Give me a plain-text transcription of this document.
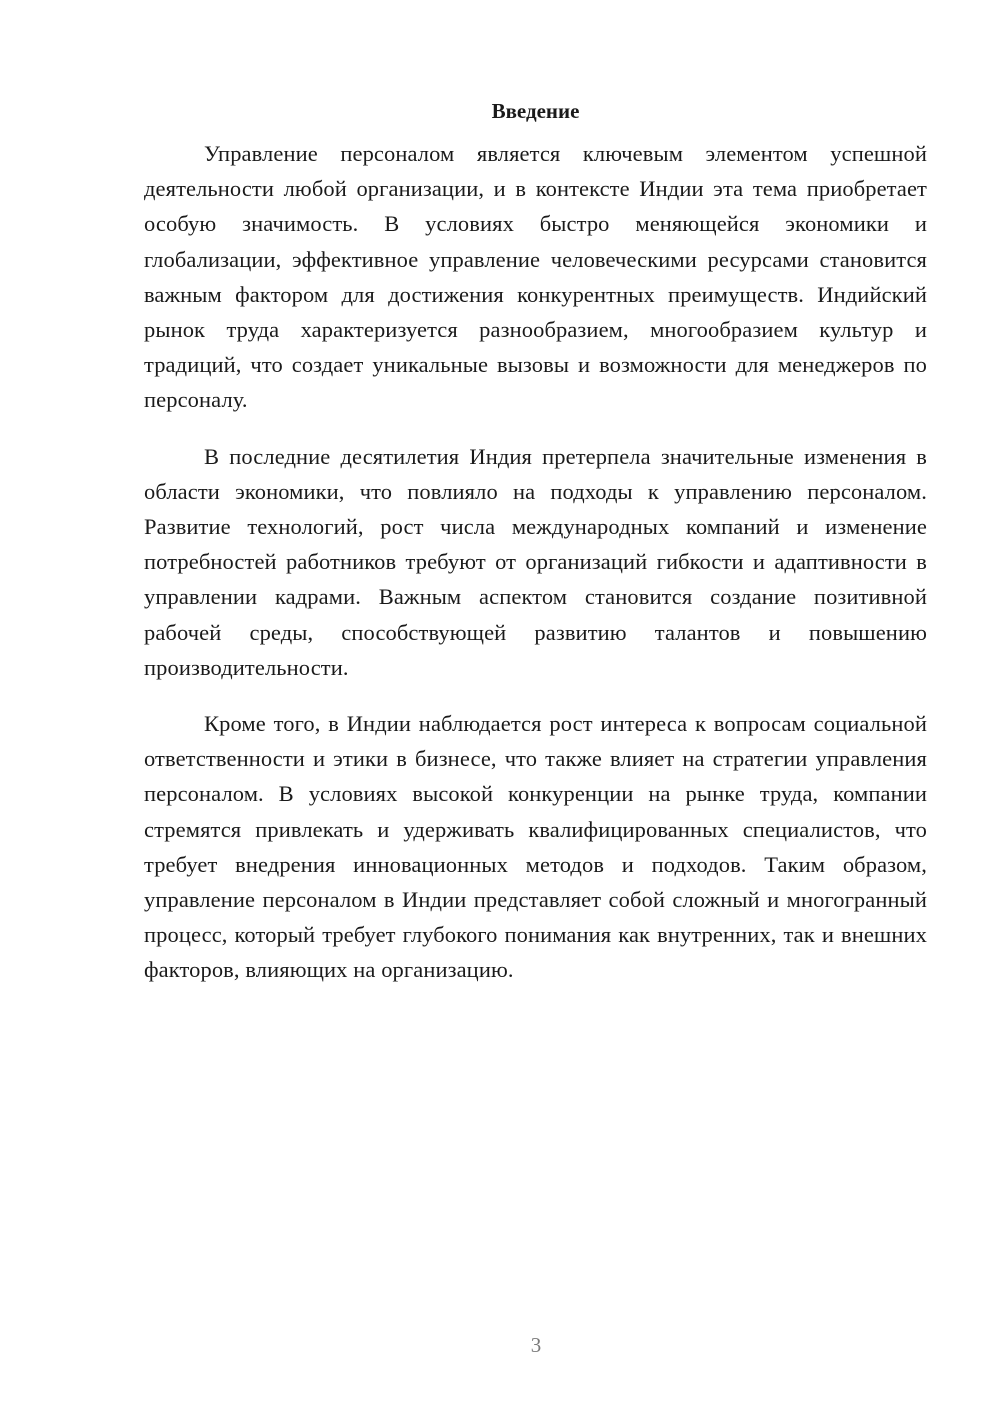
Введение

Управление персоналом является ключевым элементом успешной деятельности любой организации, и в контексте Индии эта тема приобретает особую значимость. В условиях быстро меняющейся экономики и глобализации, эффективное управление человеческими ресурсами становится важным фактором для достижения конкурентных преимуществ. Индийский рынок труда характеризуется разнообразием, многообразием культур и традиций, что создает уникальные вызовы и возможности для менеджеров по персоналу.

В последние десятилетия Индия претерпела значительные изменения в области экономики, что повлияло на подходы к управлению персоналом. Развитие технологий, рост числа международных компаний и изменение потребностей работников требуют от организаций гибкости и адаптивности в управлении кадрами. Важным аспектом становится создание позитивной рабочей среды, способствующей развитию талантов и повышению производительности.

Кроме того, в Индии наблюдается рост интереса к вопросам социальной ответственности и этики в бизнесе, что также влияет на стратегии управления персоналом. В условиях высокой конкуренции на рынке труда, компании стремятся привлекать и удерживать квалифицированных специалистов, что требует внедрения инновационных методов и подходов. Таким образом, управление персоналом в Индии представляет собой сложный и многогранный процесс, который требует глубокого понимания как внутренних, так и внешних факторов, влияющих на организацию.

3
